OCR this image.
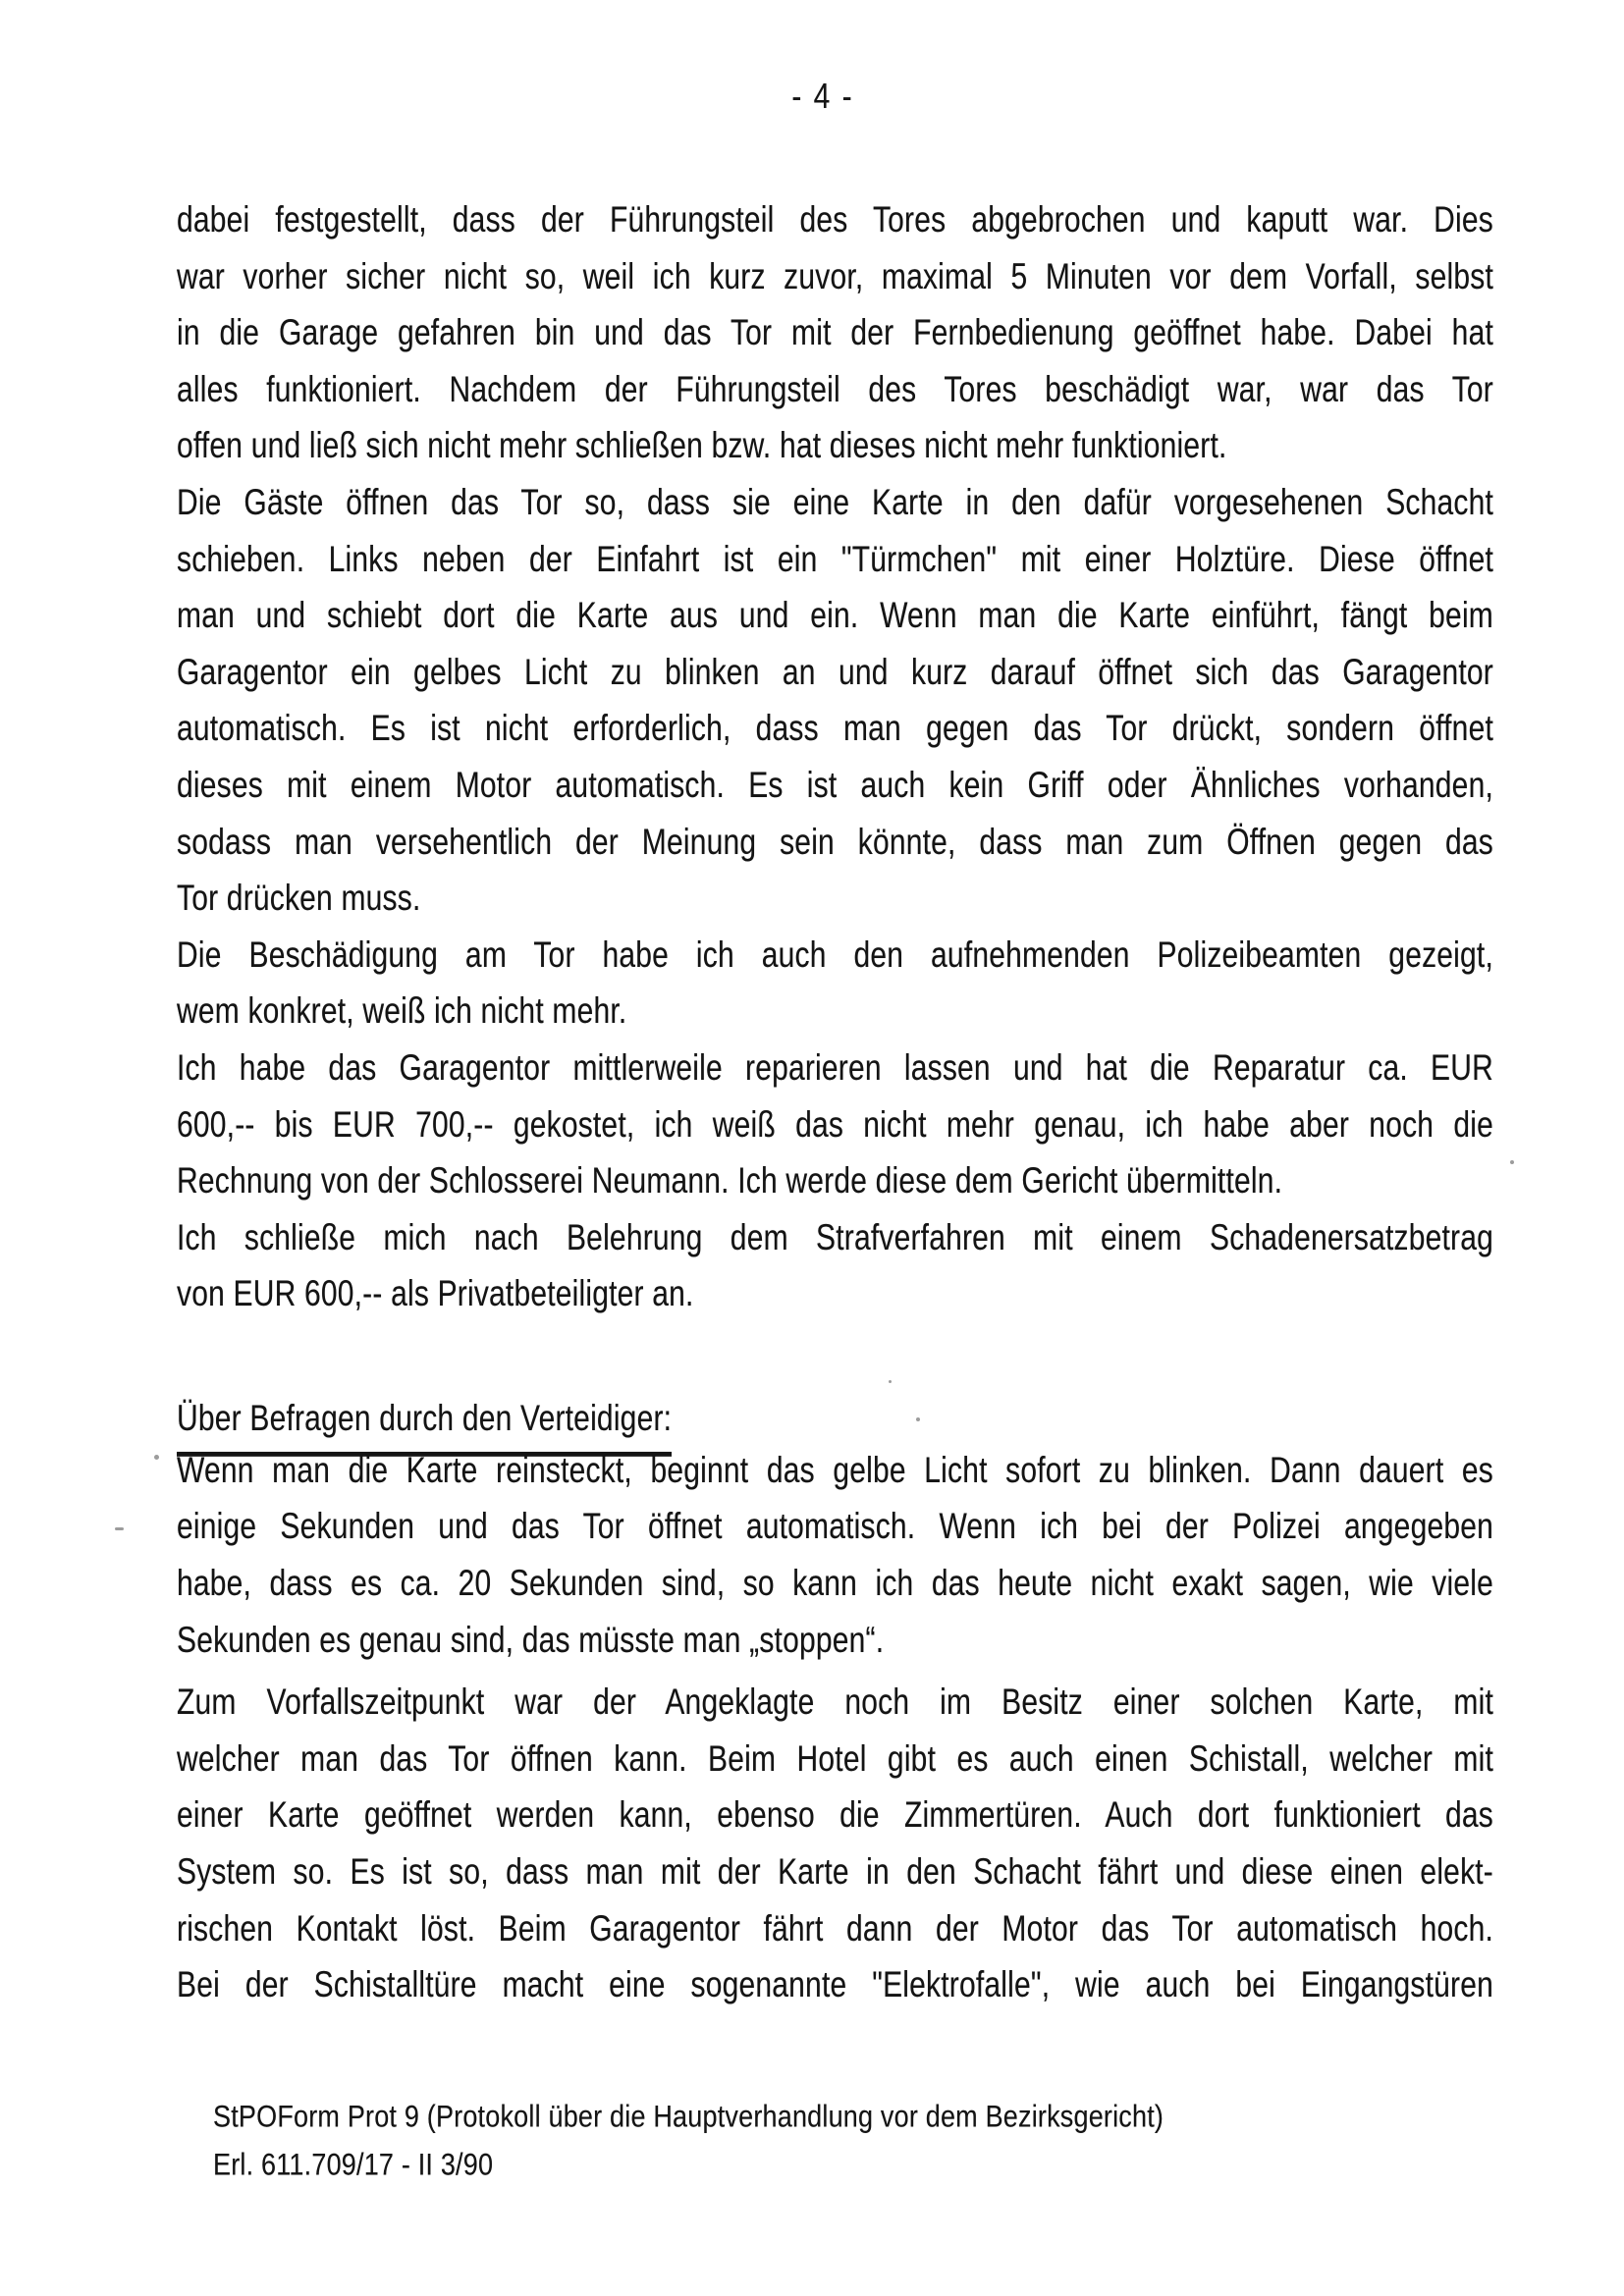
- 4 -
dabei festgestellt, dass der Führungsteil des Tores abgebrochen und kaputt war. Dies
war vorher sicher nicht so, weil ich kurz zuvor, maximal 5 Minuten vor dem Vorfall, selbst
in die Garage gefahren bin und das Tor mit der Fernbedienung geöffnet habe. Dabei hat
alles funktioniert. Nachdem der Führungsteil des Tores beschädigt war, war das Tor
offen und ließ sich nicht mehr schließen bzw. hat dieses nicht mehr funktioniert.
Die Gäste öffnen das Tor so, dass sie eine Karte in den dafür vorgesehenen Schacht
schieben. Links neben der Einfahrt ist ein "Türmchen" mit einer Holztüre. Diese öffnet
man und schiebt dort die Karte aus und ein. Wenn man die Karte einführt, fängt beim
Garagentor ein gelbes Licht zu blinken an und kurz darauf öffnet sich das Garagentor
automatisch. Es ist nicht erforderlich, dass man gegen das Tor drückt, sondern öffnet
dieses mit einem Motor automatisch. Es ist auch kein Griff oder Ähnliches vorhanden,
sodass man versehentlich der Meinung sein könnte, dass man zum Öffnen gegen das
Tor drücken muss.
Die Beschädigung am Tor habe ich auch den aufnehmenden Polizeibeamten gezeigt,
wem konkret, weiß ich nicht mehr.
Ich habe das Garagentor mittlerweile reparieren lassen und hat die Reparatur ca. EUR
600,-- bis EUR 700,-- gekostet, ich weiß das nicht mehr genau, ich habe aber noch die
Rechnung von der Schlosserei Neumann. Ich werde diese dem Gericht übermitteln.
Ich schließe mich nach Belehrung dem Strafverfahren mit einem Schadenersatzbetrag
von EUR 600,-- als Privatbeteiligter an.
Über Befragen durch den Verteidiger:
Wenn man die Karte reinsteckt, beginnt das gelbe Licht sofort zu blinken. Dann dauert es
einige Sekunden und das Tor öffnet automatisch. Wenn ich bei der Polizei angegeben
habe, dass es ca. 20 Sekunden sind, so kann ich das heute nicht exakt sagen, wie viele
Sekunden es genau sind, das müsste man „stoppen“.
Zum Vorfallszeitpunkt war der Angeklagte noch im Besitz einer solchen Karte, mit
welcher man das Tor öffnen kann. Beim Hotel gibt es auch einen Schistall, welcher mit
einer Karte geöffnet werden kann, ebenso die Zimmertüren. Auch dort funktioniert das
System so. Es ist so, dass man mit der Karte in den Schacht fährt und diese einen elekt-
rischen Kontakt löst. Beim Garagentor fährt dann der Motor das Tor automatisch hoch.
Bei der Schistalltüre macht eine sogenannte "Elektrofalle", wie auch bei Eingangstüren
StPOForm Prot 9 (Protokoll über die Hauptverhandlung vor dem Bezirksgericht)
Erl. 611.709/17 - II 3/90
